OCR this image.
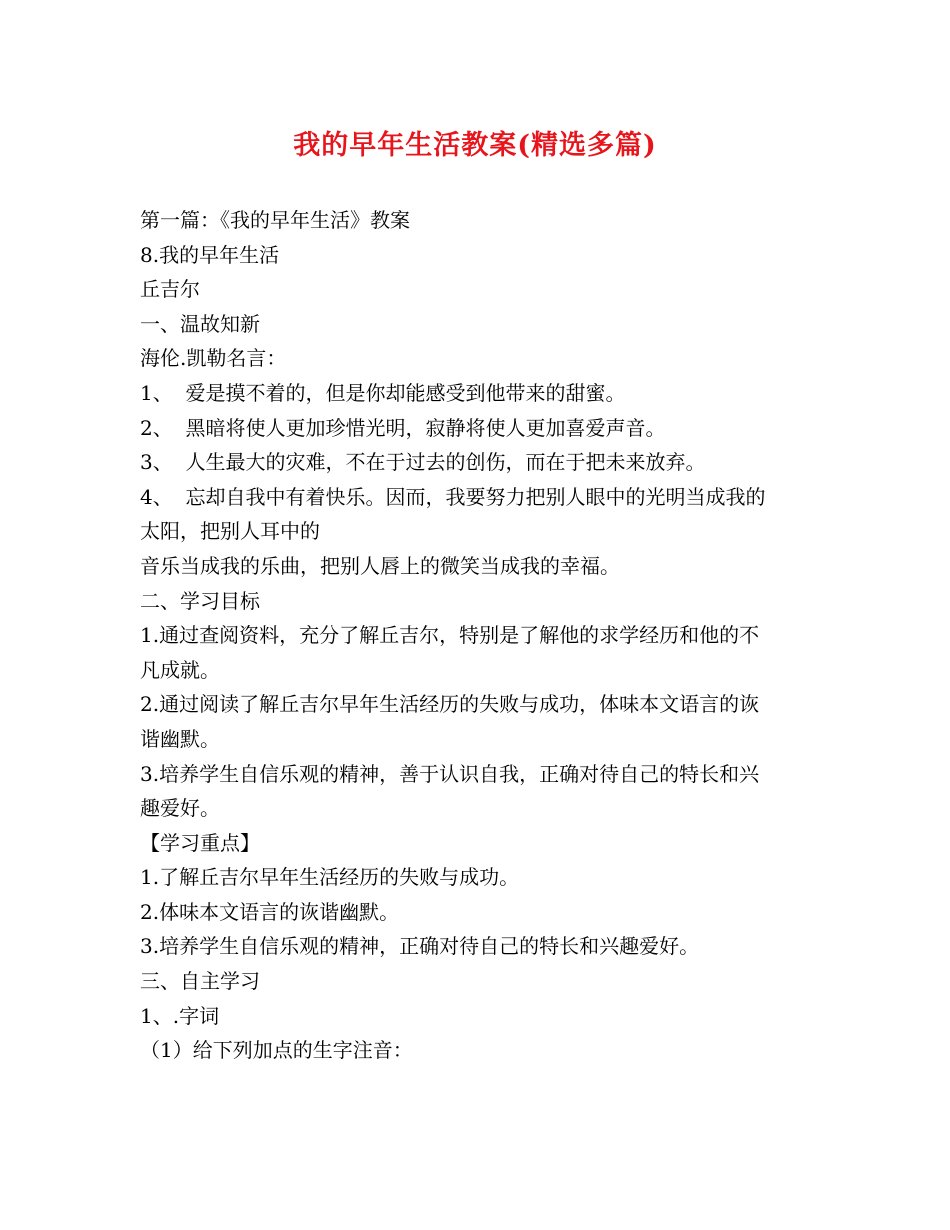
我的早年生活教案(精选多篇)
第一篇：《我的早年生活》教案
8.我的早年生活
丘吉尔
一、温故知新
海伦.凯勒名言：
1、  爱是摸不着的，但是你却能感受到他带来的甜蜜。
2、  黑暗将使人更加珍惜光明，寂静将使人更加喜爱声音。
3、  人生最大的灾难，不在于过去的创伤，而在于把未来放弃。
4、  忘却自我中有着快乐。因而，我要努力把别人眼中的光明当成我的
太阳，把别人耳中的
音乐当成我的乐曲，把别人唇上的微笑当成我的幸福。
二、学习目标
1.通过查阅资料，充分了解丘吉尔，特别是了解他的求学经历和他的不
凡成就。
2.通过阅读了解丘吉尔早年生活经历的失败与成功，体味本文语言的诙
谐幽默。
3.培养学生自信乐观的精神，善于认识自我，正确对待自己的特长和兴
趣爱好。
【学习重点】
1.了解丘吉尔早年生活经历的失败与成功。
2.体味本文语言的诙谐幽默。
3.培养学生自信乐观的精神，正确对待自己的特长和兴趣爱好。
三、自主学习
1、.字词
（1）给下列加点的生字注音：
